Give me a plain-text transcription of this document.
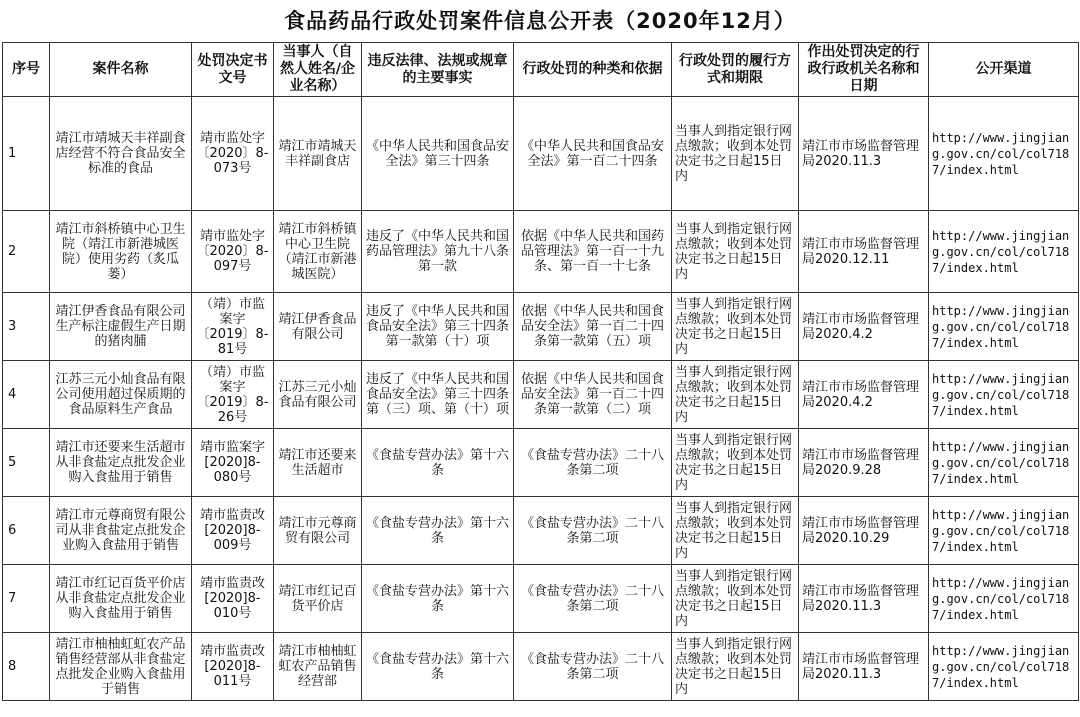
食品药品行政处罚案件信息公开表（2020年12月）
序号	案件名称	处罚决定书文号	当事人（自然人姓名/企业名称）	违反法律、法规或规章的主要事实	行政处罚的种类和依据	行政处罚的履行方式和期限	作出处罚决定的行政行政机关名称和日期	公开渠道
1	靖江市靖城天丰祥副食店经营不符合食品安全标准的食品	靖市监处字〔2020〕8-073号	靖江市靖城天丰祥副食店	《中华人民共和国食品安全法》第三十四条	《中华人民共和国食品安全法》第一百二十四条	当事人到指定银行网点缴款；收到本处罚决定书之日起15日内	靖江市市场监督管理局2020.11.3	http://www.jingjiang.gov.cn/col/col7187/index.html
2	靖江市斜桥镇中心卫生院（靖江市新港城医院）使用劣药（炙瓜蒌）	靖市监处字〔2020〕8-097号	靖江市斜桥镇中心卫生院（靖江市新港城医院）	违反了《中华人民共和国药品管理法》第九十八条第一款	依据《中华人民共和国药品管理法》第一百一十九条、第一百一十七条	当事人到指定银行网点缴款；收到本处罚决定书之日起15日内	靖江市市场监督管理局2020.12.11	http://www.jingjiang.gov.cn/col/col7187/index.html
3	靖江伊香食品有限公司生产标注虚假生产日期的猪肉脯	（靖）市监案字〔2019〕8-81号	靖江伊香食品有限公司	违反了《中华人民共和国食品安全法》第三十四条第一款第（十）项	依据《中华人民共和国食品安全法》第一百二十四条第一款第（五）项	当事人到指定银行网点缴款；收到本处罚决定书之日起15日内	靖江市市场监督管理局2020.4.2	http://www.jingjiang.gov.cn/col/col7187/index.html
4	江苏三元小灿食品有限公司使用超过保质期的食品原料生产食品	（靖）市监案字〔2019〕8-26号	江苏三元小灿食品有限公司	违反了《中华人民共和国食品安全法》第三十四条第（三）项、第（十）项	依据《中华人民共和国食品安全法》第一百二十四条第一款第（二）项	当事人到指定银行网点缴款；收到本处罚决定书之日起15日内	靖江市市场监督管理局2020.4.2	http://www.jingjiang.gov.cn/col/col7187/index.html
5	靖江市还要来生活超市从非食盐定点批发企业购入食盐用于销售	靖市监案字[2020]8-080号	靖江市还要来生活超市	《食盐专营办法》第十六条	《食盐专营办法》二十八条第二项	当事人到指定银行网点缴款；收到本处罚决定书之日起15日内	靖江市市场监督管理局2020.9.28	http://www.jingjiang.gov.cn/col/col7187/index.html
6	靖江市元尊商贸有限公司从非食盐定点批发企业购入食盐用于销售	靖市监责改[2020]8-009号	靖江市元尊商贸有限公司	《食盐专营办法》第十六条	《食盐专营办法》二十八条第二项	当事人到指定银行网点缴款；收到本处罚决定书之日起15日内	靖江市市场监督管理局2020.10.29	http://www.jingjiang.gov.cn/col/col7187/index.html
7	靖江市红记百货平价店从非食盐定点批发企业购入食盐用于销售	靖市监责改[2020]8-010号	靖江市红记百货平价店	《食盐专营办法》第十六条	《食盐专营办法》二十八条第二项	当事人到指定银行网点缴款；收到本处罚决定书之日起15日内	靖江市市场监督管理局2020.11.3	http://www.jingjiang.gov.cn/col/col7187/index.html
8	靖江市柚柚虹虹农产品销售经营部从非食盐定点批发企业购入食盐用于销售	靖市监责改[2020]8-011号	靖江市柚柚虹虹农产品销售经营部	《食盐专营办法》第十六条	《食盐专营办法》二十八条第二项	当事人到指定银行网点缴款；收到本处罚决定书之日起15日内	靖江市市场监督管理局2020.11.3	http://www.jingjiang.gov.cn/col/col7187/index.html
